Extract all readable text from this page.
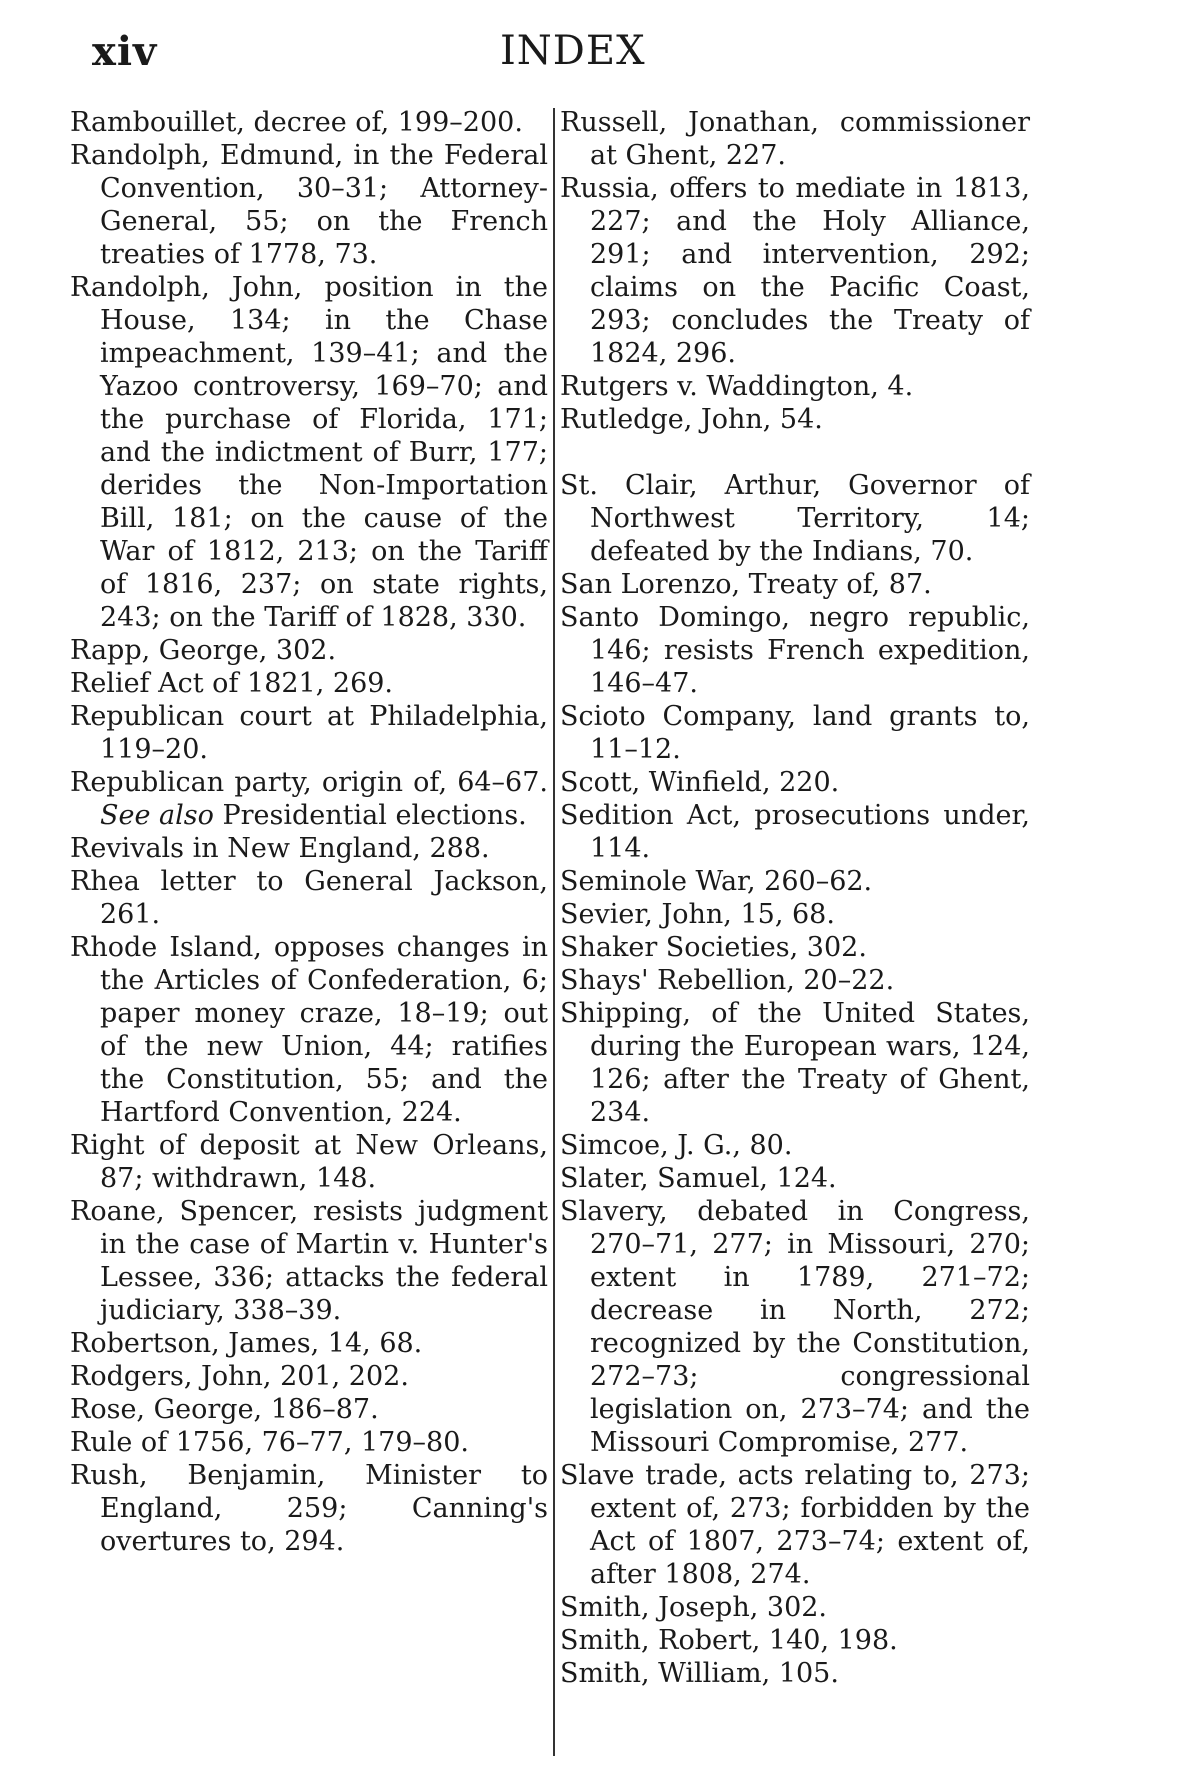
xiv	INDEX

Rambouillet, decree of, 199–200.

Randolph, Edmund, in the Federal Convention, 30–31; Attorney-General, 55; on the French treaties of 1778, 73.

Randolph, John, position in the House, 134; in the Chase impeachment, 139–41; and the Yazoo controversy, 169–70; and the purchase of Florida, 171; and the indictment of Burr, 177; derides the Non-Importation Bill, 181; on the cause of the War of 1812, 213; on the Tariff of 1816, 237; on state rights, 243; on the Tariff of 1828, 330.

Rapp, George, 302.

Relief Act of 1821, 269.

Republican court at Philadelphia, 119–20.

Republican party, origin of, 64–67. See also Presidential elections.

Revivals in New England, 288.

Rhea letter to General Jackson, 261.

Rhode Island, opposes changes in the Articles of Confederation, 6; paper money craze, 18–19; out of the new Union, 44; ratifies the Constitution, 55; and the Hartford Convention, 224.

Right of deposit at New Orleans, 87; withdrawn, 148.

Roane, Spencer, resists judgment in the case of Martin v. Hunter's Lessee, 336; attacks the federal judiciary, 338–39.

Robertson, James, 14, 68.

Rodgers, John, 201, 202.

Rose, George, 186–87.

Rule of 1756, 76–77, 179–80.

Rush, Benjamin, Minister to England, 259; Canning's overtures to, 294.

Russell, Jonathan, commissioner at Ghent, 227.

Russia, offers to mediate in 1813, 227; and the Holy Alliance, 291; and intervention, 292; claims on the Pacific Coast, 293; concludes the Treaty of 1824, 296.

Rutgers v. Waddington, 4.

Rutledge, John, 54.

St. Clair, Arthur, Governor of Northwest Territory, 14; defeated by the Indians, 70.

San Lorenzo, Treaty of, 87.

Santo Domingo, negro republic, 146; resists French expedition, 146–47.

Scioto Company, land grants to, 11–12.

Scott, Winfield, 220.

Sedition Act, prosecutions under, 114.

Seminole War, 260–62.

Sevier, John, 15, 68.

Shaker Societies, 302.

Shays' Rebellion, 20–22.

Shipping, of the United States, during the European wars, 124, 126; after the Treaty of Ghent, 234.

Simcoe, J. G., 80.

Slater, Samuel, 124.

Slavery, debated in Congress, 270–71, 277; in Missouri, 270; extent in 1789, 271–72; decrease in North, 272; recognized by the Constitution, 272–73; congressional legislation on, 273–74; and the Missouri Compromise, 277.

Slave trade, acts relating to, 273; extent of, 273; forbidden by the Act of 1807, 273–74; extent of, after 1808, 274.

Smith, Joseph, 302.

Smith, Robert, 140, 198.

Smith, William, 105.
